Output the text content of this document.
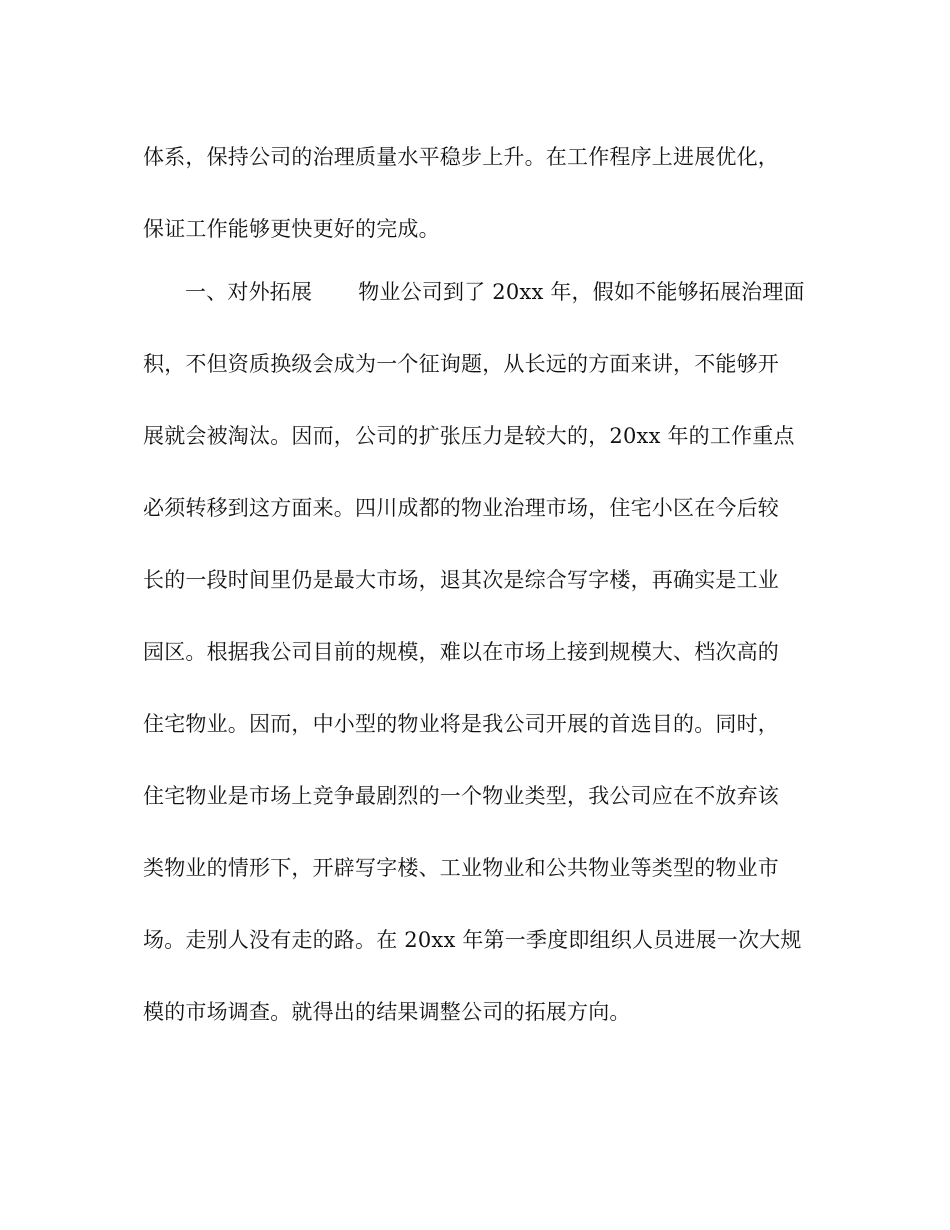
体系，保持公司的治理质量水平稳步上升。在工作程序上进展优化，
保证工作能够更快更好的完成。
一、对外拓展 物业公司到了 20xx 年，假如不能够拓展治理面
积，不但资质换级会成为一个征询题，从长远的方面来讲，不能够开
展就会被淘汰。因而，公司的扩张压力是较大的，20xx 年的工作重点
必须转移到这方面来。四川成都的物业治理市场，住宅小区在今后较
长的一段时间里仍是最大市场，退其次是综合写字楼，再确实是工业
园区。根据我公司目前的规模，难以在市场上接到规模大、档次高的
住宅物业。因而，中小型的物业将是我公司开展的首选目的。同时，
住宅物业是市场上竞争最剧烈的一个物业类型，我公司应在不放弃该
类物业的情形下，开辟写字楼、工业物业和公共物业等类型的物业市
场。走别人没有走的路。在 20xx 年第一季度即组织人员进展一次大规
模的市场调查。就得出的结果调整公司的拓展方向。
